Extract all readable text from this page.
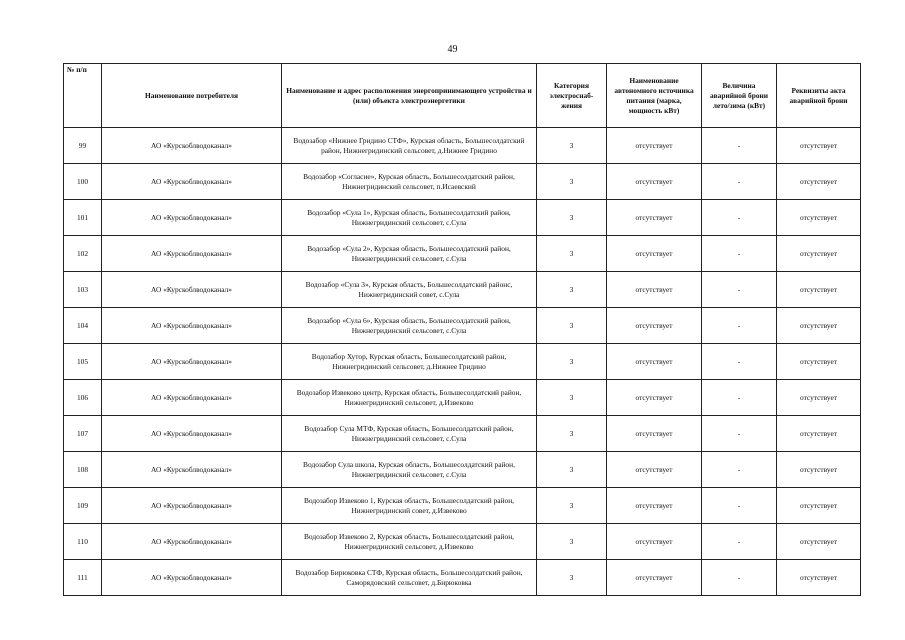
49
№ п/п	Наименование потребителя	Наименование и адрес расположения энергопринимающего устройства и (или) объекта электроэнергетики	Категория электроснаб-жения	Наименование автономного источника питания (марка, мощность кВт)	Величина аварийной брони лето/зима (кВт)	Реквизиты акта аварийной брони
99	АО «Курскоблводоканал»	Водозабор «Нижнее Гридино СТФ», Курская область, Большесолдатский район, Нижнегридинский сельсовет, д.Нижнее Гридино	3	отсутствует	-	отсутствует
100	АО «Курскоблводоканал»	Водозабор «Согласие», Курская область, Большесолдатский район, Нижнегридинский сельсовет, п.Исаевский	3	отсутствует	-	отсутствует
101	АО «Курскоблводоканал»	Водозабор «Сула 1», Курская область, Большесолдатский район, Нижнегридинский сельсовет, с.Сула	3	отсутствует	-	отсутствует
102	АО «Курскоблводоканал»	Водозабор «Сула 2», Курская область, Большесолдатский район, Нижнегридинский сельсовет, с.Сула	3	отсутствует	-	отсутствует
103	АО «Курскоблводоканал»	Водозабор «Сула 3», Курская область, Большесолдатский районс, Нижнегридинский совет, с.Сула	3	отсутствует	-	отсутствует
104	АО «Курскоблводоканал»	Водозабор «Сула 6», Курская область, Большесолдатский район, Нижнегридинский сельсовет, с.Сула	3	отсутствует	-	отсутствует
105	АО «Курскоблводоканал»	Водозабор Хутор, Курская область, Большесолдатский район, Нижнегридинский сельсовет, д.Нижнее Гридино	3	отсутствует	-	отсутствует
106	АО «Курскоблводоканал»	Водозабор Извеково центр, Курская область, Большесолдатский район, Нижнегридинский сельсовет, д.Извеково	3	отсутствует	-	отсутствует
107	АО «Курскоблводоканал»	Водозабор Сула МТФ, Курская область, Большесолдатский район, Нижнегридинский сельсовет, с.Сула	3	отсутствует	-	отсутствует
108	АО «Курскоблводоканал»	Водозабор Сула школа, Курская область, Большесолдатский район, Нижнегридинский сельсовет, с.Сула	3	отсутствует	-	отсутствует
109	АО «Курскоблводоканал»	Водозабор Извеково 1, Курская область, Большесолдатский район, Нижнегридинский совет, д.Извеково	3	отсутствует	-	отсутствует
110	АО «Курскоблводоканал»	Водозабор Извеково 2, Курская область, Большесолдатский район, Нижнегридинский сельсовет, д.Извеково	3	отсутствует	-	отсутствует
111	АО «Курскоблводоканал»	Водозабор Бирюковка СТФ, Курская область, Большесолдатский район, Саморядовский сельсовет, д.Бирюковка	3	отсутствует	-	отсутствует
